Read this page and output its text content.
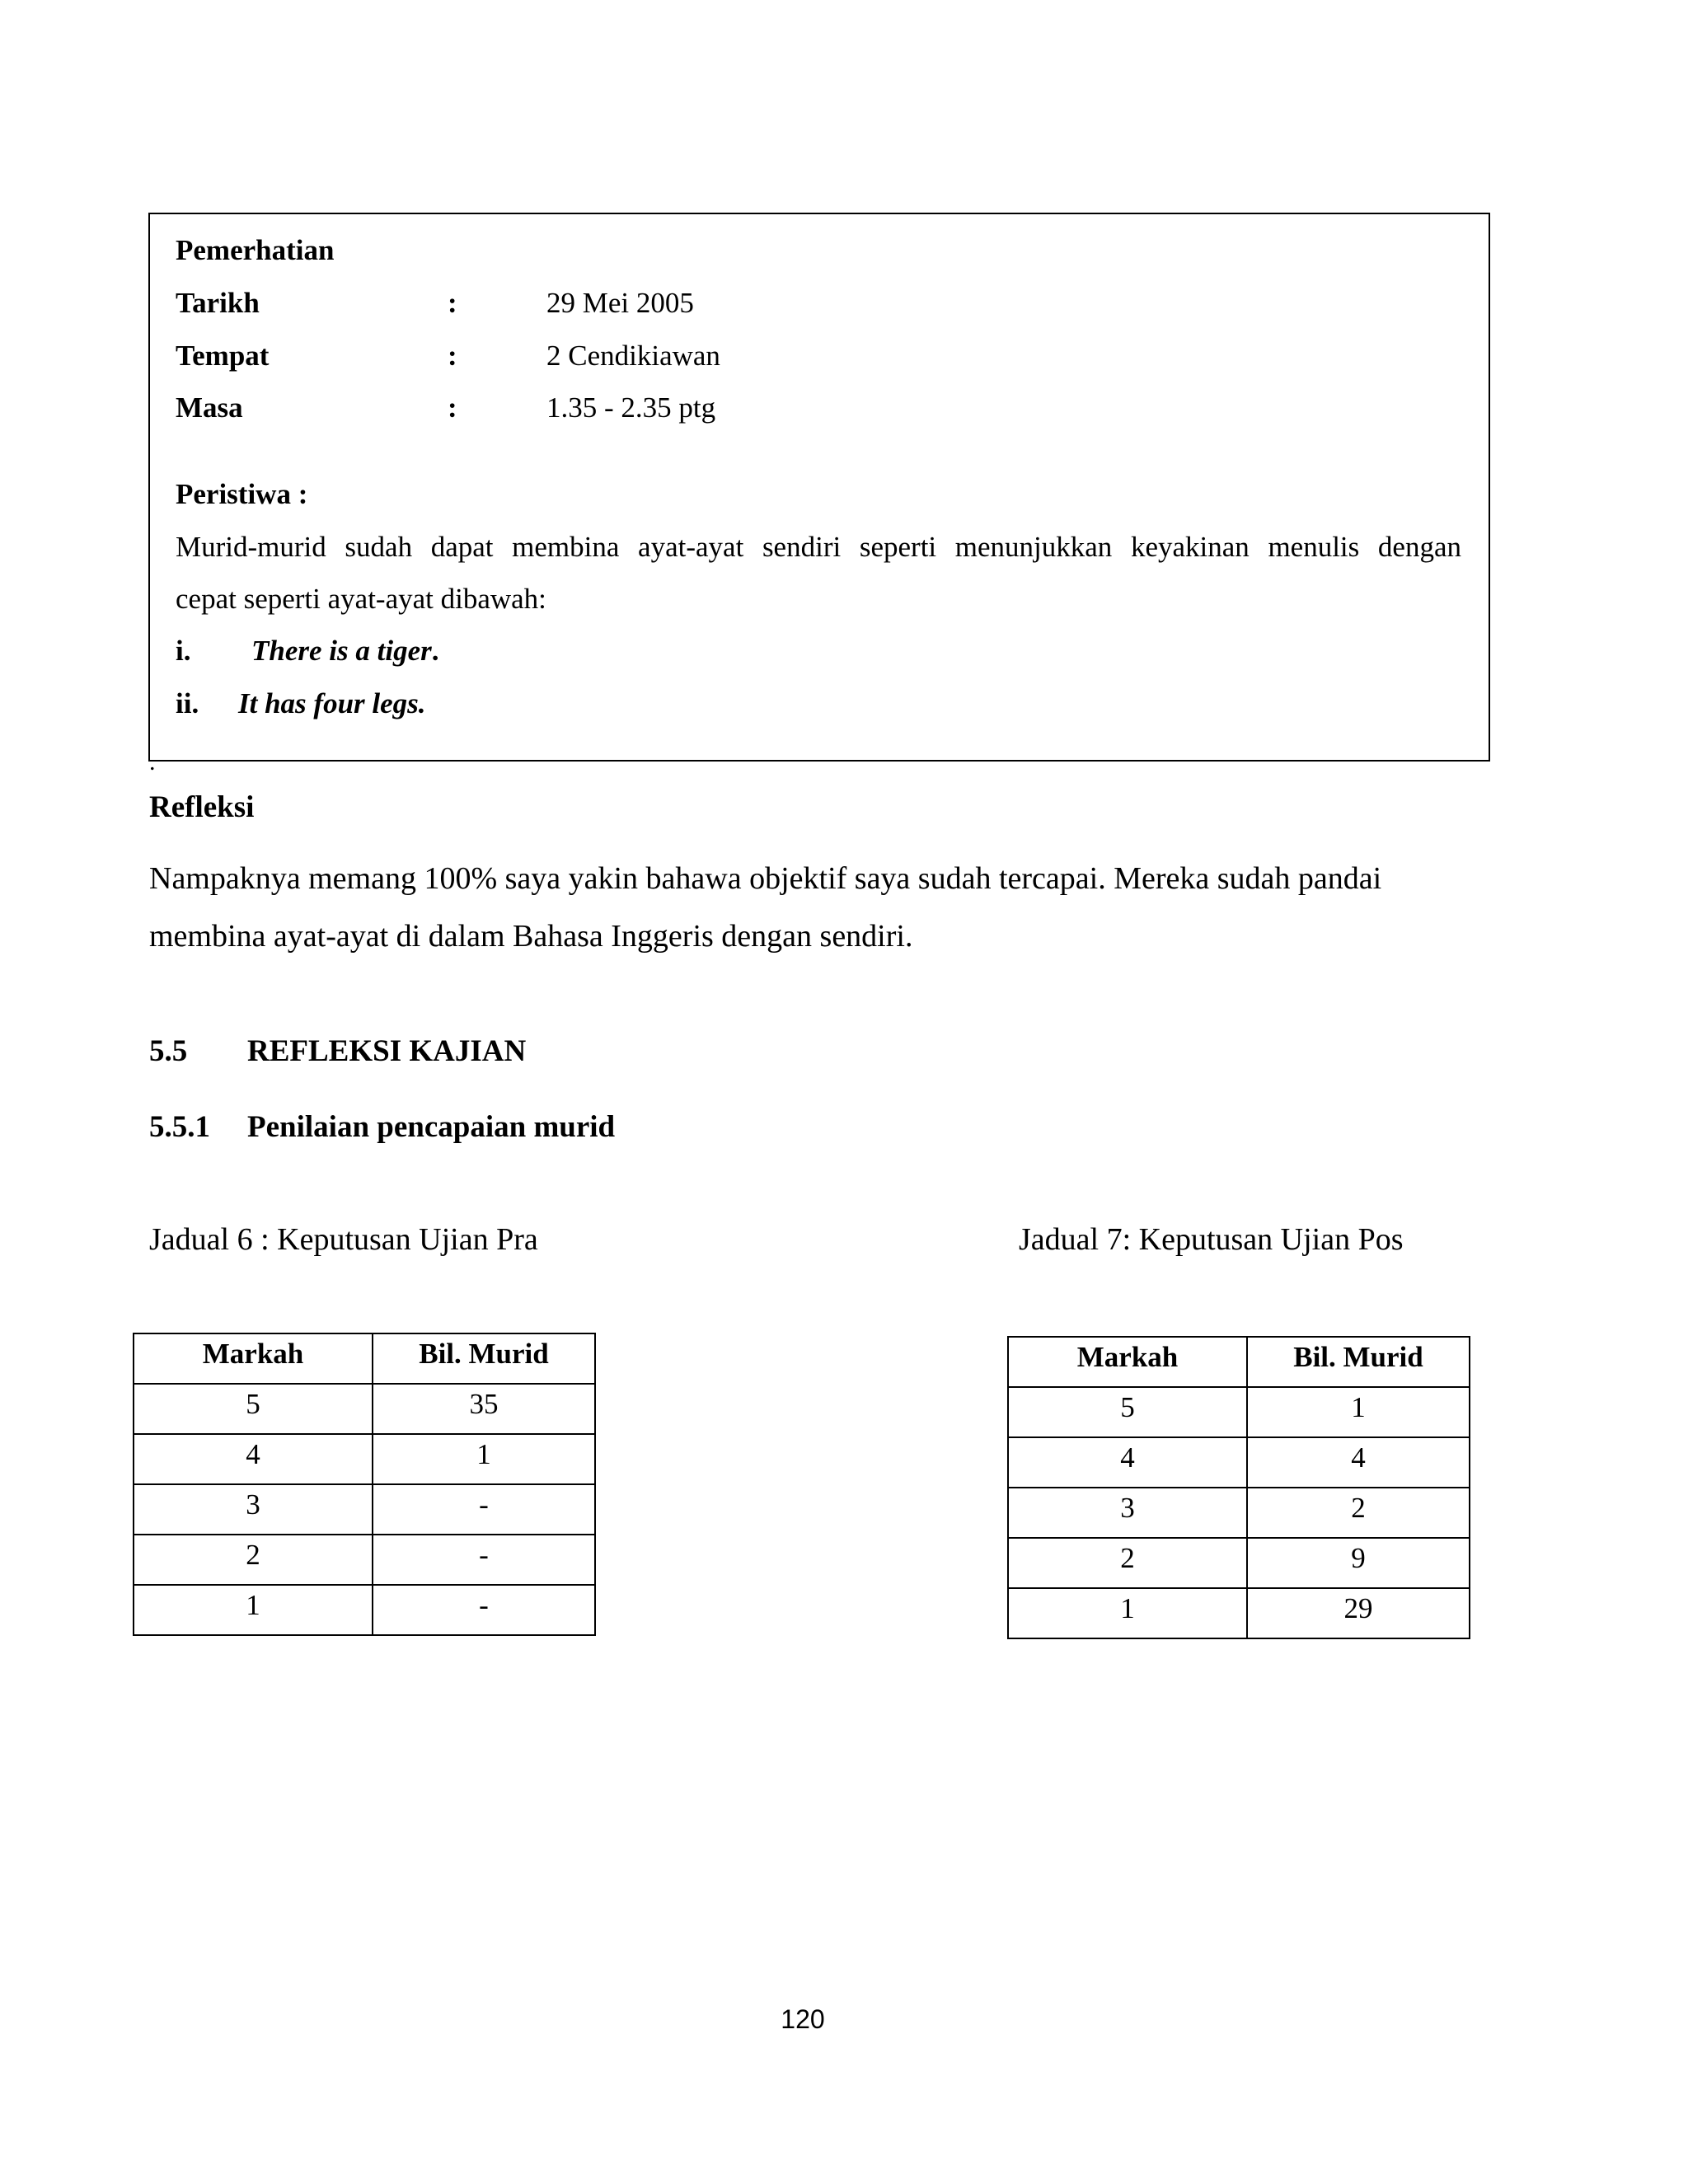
Pemerhatian
Tarikh	:	29 Mei 2005
Tempat	:	2 Cendikiawan
Masa	:	1.35 - 2.35 ptg
Peristiwa :
Murid-murid sudah dapat membina ayat-ayat sendiri seperti menunjukkan keyakinan menulis dengan
cepat seperti ayat-ayat dibawah:
i. There is a tiger.
ii. It has four legs.
.
Refleksi
Nampaknya memang 100% saya yakin bahawa objektif saya sudah tercapai. Mereka sudah pandai
membina ayat-ayat di dalam Bahasa Inggeris dengan sendiri.
5.5 REFLEKSI KAJIAN
5.5.1 Penilaian pencapaian murid
Jadual 6 : Keputusan Ujian Pra	Jadual 7: Keputusan Ujian Pos
Markah	Bil. Murid
5	35
4	1
3	-
2	-
1	-
Markah	Bil. Murid
5	1
4	4
3	2
2	9
1	29
120
